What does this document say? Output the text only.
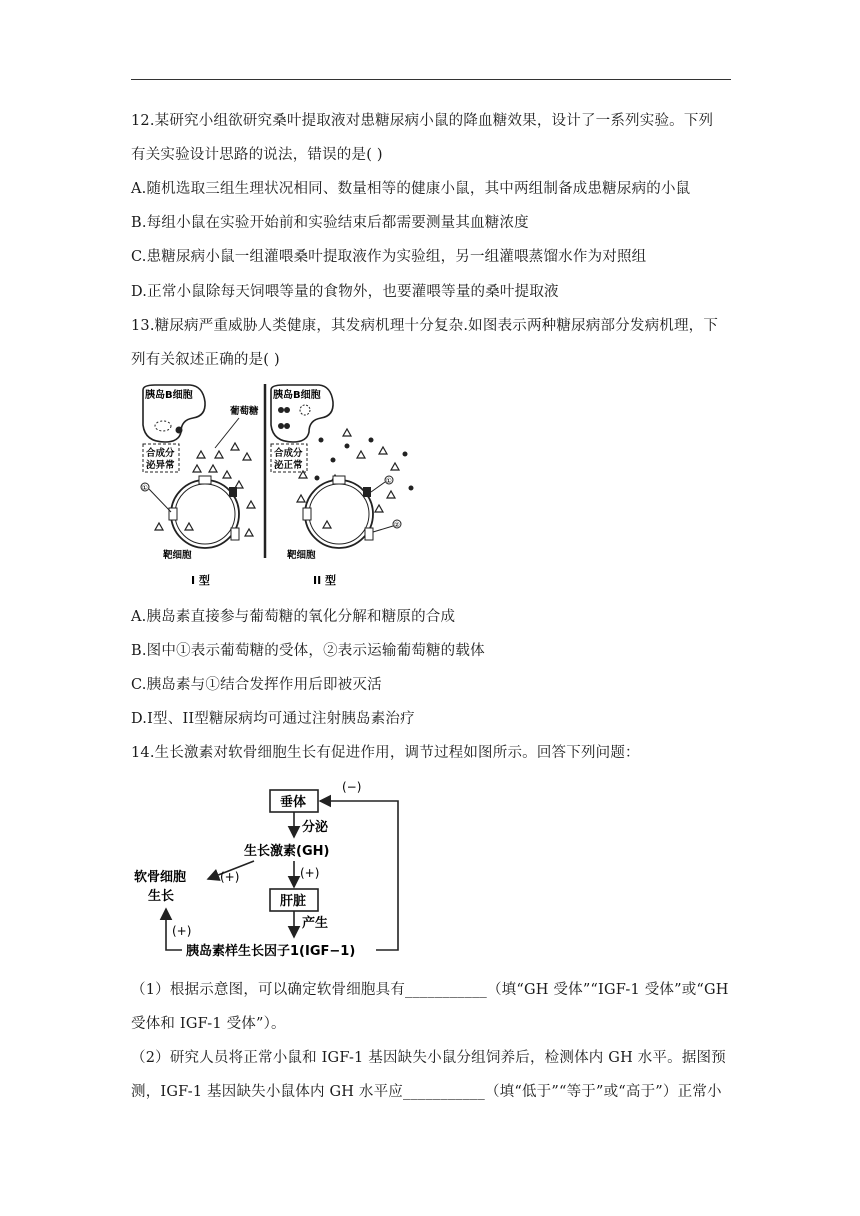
12.某研究小组欲研究桑叶提取液对患糖尿病小鼠的降血糖效果，设计了一系列实验。下列
有关实验设计思路的说法，错误的是( )
A.随机选取三组生理状况相同、数量相等的健康小鼠，其中两组制备成患糖尿病的小鼠
B.每组小鼠在实验开始前和实验结束后都需要测量其血糖浓度
C.患糖尿病小鼠一组灌喂桑叶提取液作为实验组，另一组灌喂蒸馏水作为对照组
D.正常小鼠除每天饲喂等量的食物外，也要灌喂等量的桑叶提取液
13.糖尿病严重威胁人类健康，其发病机理十分复杂.如图表示两种糖尿病部分发病机理，下
列有关叙述正确的是( )
胰岛B细胞
合成分
泌异常
葡萄糖
①
靶细胞
I 型
胰岛B细胞
合成分
泌正常
①
②
靶细胞
II 型
A.胰岛素直接参与葡萄糖的氧化分解和糖原的合成
B.图中①表示葡萄糖的受体，②表示运输葡萄糖的载体
C.胰岛素与①结合发挥作用后即被灭活
D.I型、II型糖尿病均可通过注射胰岛素治疗
14.生长激素对软骨细胞生长有促进作用，调节过程如图所示。回答下列问题：
垂体
(−)
分泌
生长激素(GH)
(+)
软骨细胞
生长
(+)
肝脏
产生
胰岛素样生长因子1(IGF−1)
(+)
（1）根据示意图，可以确定软骨细胞具有___________（填“GH 受体”“IGF-1 受体”或“GH
受体和 IGF-1 受体”）。
（2）研究人员将正常小鼠和 IGF-1 基因缺失小鼠分组饲养后，检测体内 GH 水平。据图预
测，IGF-1 基因缺失小鼠体内 GH 水平应___________（填“低于”“等于”或“高于”）正常小
